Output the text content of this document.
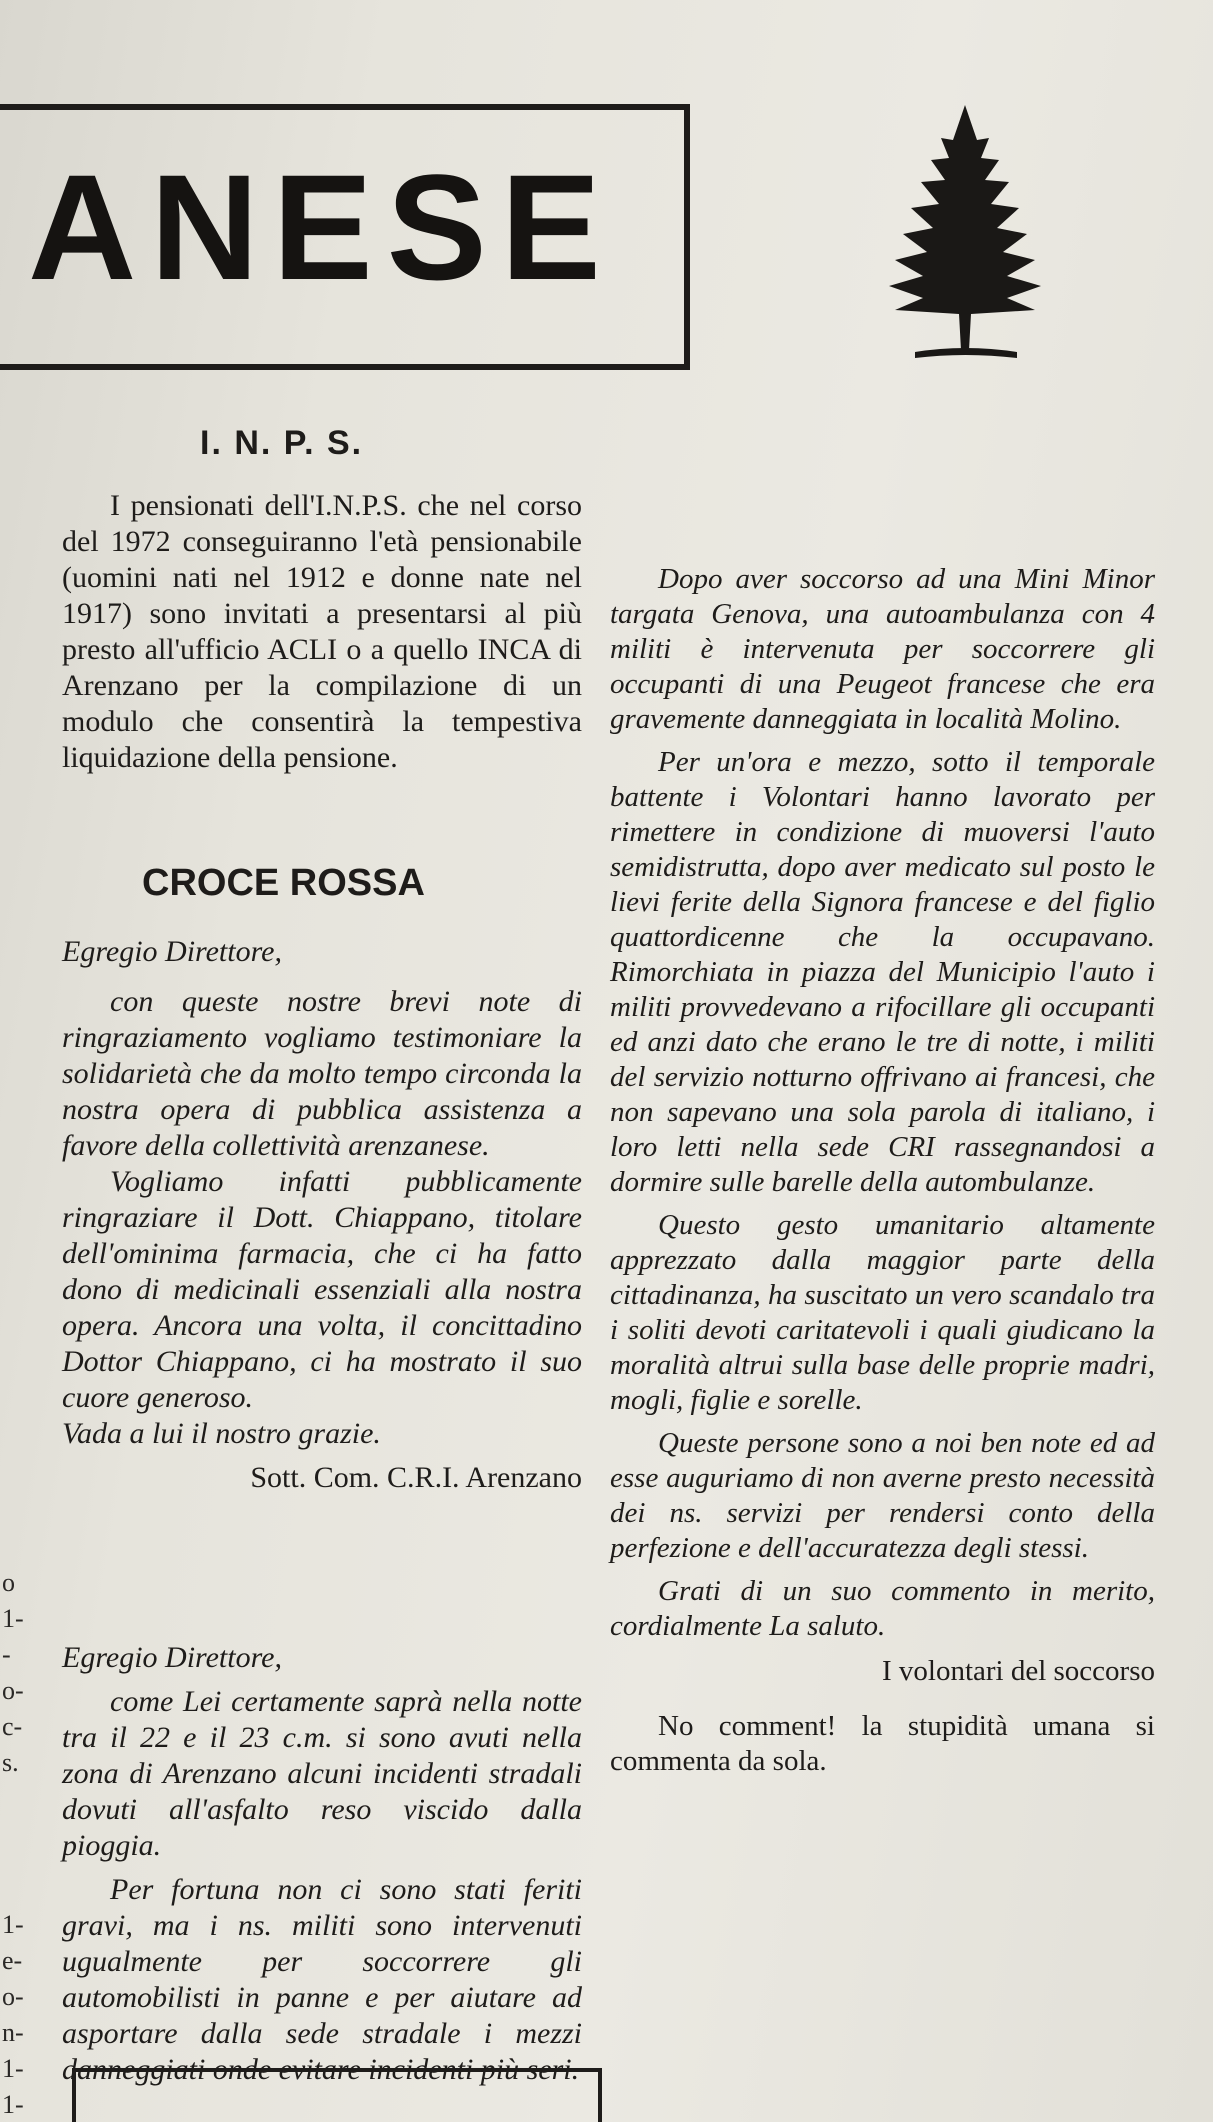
ANESE
o
1-
-
o-
c-
s.
1-
e-
o-
n-
1-
1-
I. N. P. S.

I pensionati dell'I.N.P.S. che nel corso del 1972 conseguiranno l'età pensionabile (uomini nati nel 1912 e donne nate nel 1917) sono invitati a presentarsi al più presto all'ufficio ACLI o a quello INCA di Arenzano per la compilazione di un modulo che consentirà la tempestiva liquidazione della pensione.

CROCE ROSSA

Egregio Direttore,

con queste nostre brevi note di ringraziamento vogliamo testimoniare la solidarietà che da molto tempo circonda la nostra opera di pubblica assistenza a favore della collettività arenzanese.

Vogliamo infatti pubblicamente ringraziare il Dott. Chiappano, titolare dell'ominima farmacia, che ci ha fatto dono di medicinali essenziali alla nostra opera. Ancora una volta, il concittadino Dottor Chiappano, ci ha mostrato il suo cuore generoso.

Vada a lui il nostro grazie.

Sott. Com. C.R.I. Arenzano

Egregio Direttore,

come Lei certamente saprà nella notte tra il 22 e il 23 c.m. si sono avuti nella zona di Arenzano alcuni incidenti stradali dovuti all'asfalto reso viscido dalla pioggia.

Per fortuna non ci sono stati feriti gravi, ma i ns. militi sono intervenuti ugualmente per soccorrere gli automobilisti in panne e per aiutare ad asportare dalla sede stradale i mezzi danneggiati onde evitare incidenti più seri.

Dopo aver soccorso ad una Mini Minor targata Genova, una autoambulanza con 4 militi è intervenuta per soccorrere gli occupanti di una Peugeot francese che era gravemente danneggiata in località Molino.

Per un'ora e mezzo, sotto il temporale battente i Volontari hanno lavorato per rimettere in condizione di muoversi l'auto semidistrutta, dopo aver medicato sul posto le lievi ferite della Signora francese e del figlio quattordicenne che la occupavano. Rimorchiata in piazza del Municipio l'auto i militi provvedevano a rifocillare gli occupanti ed anzi dato che erano le tre di notte, i militi del servizio notturno offrivano ai francesi, che non sapevano una sola parola di italiano, i loro letti nella sede CRI rassegnandosi a dormire sulle barelle della autombulanze.

Questo gesto umanitario altamente apprezzato dalla maggior parte della cittadinanza, ha suscitato un vero scandalo tra i soliti devoti caritatevoli i quali giudicano la moralità altrui sulla base delle proprie madri, mogli, figlie e sorelle.

Queste persone sono a noi ben note ed ad esse auguriamo di non averne presto necessità dei ns. servizi per rendersi conto della perfezione e dell'accuratezza degli stessi.

Grati di un suo commento in merito, cordialmente La saluto.

I volontari del soccorso

No comment! la stupidità umana si commenta da sola.
